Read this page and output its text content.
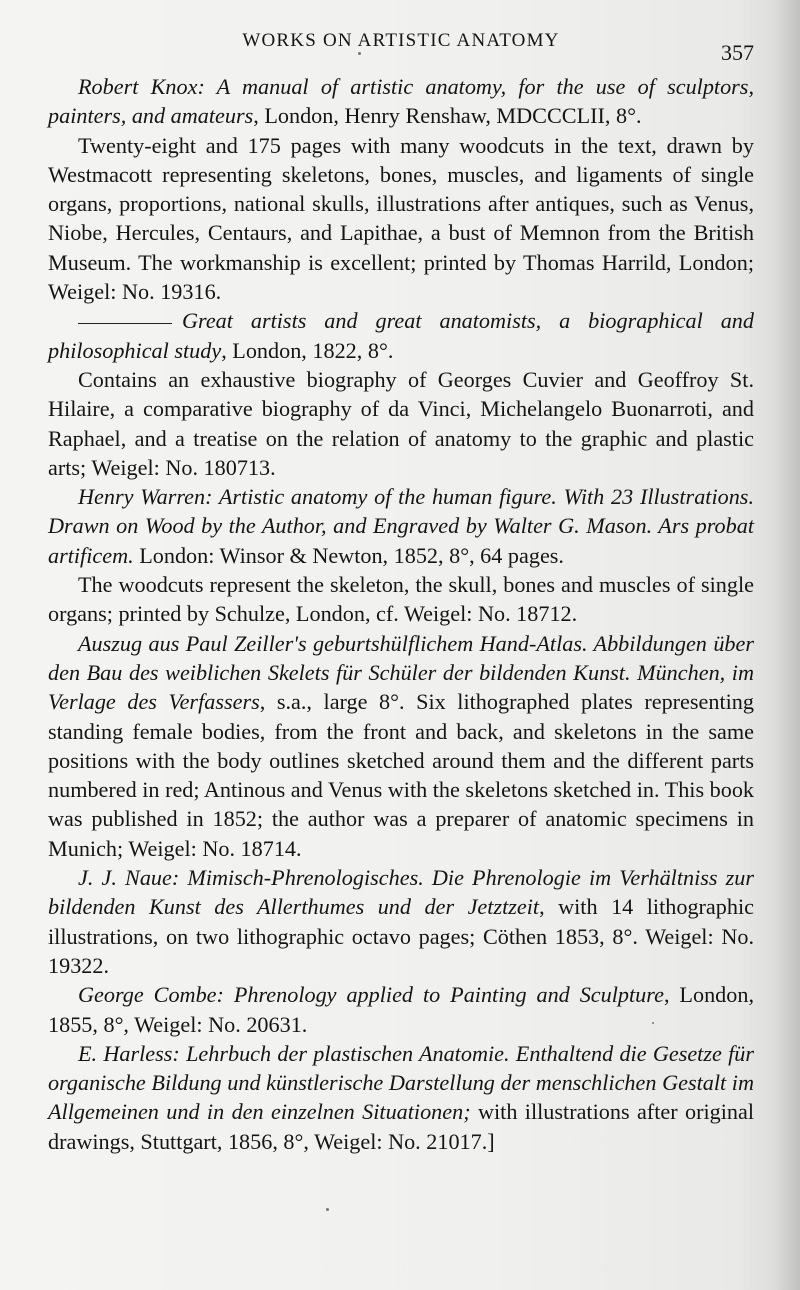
WORKS ON ARTISTIC ANATOMY	357

Robert Knox: A manual of artistic anatomy, for the use of sculptors, painters, and amateurs, London, Henry Renshaw, MDCCCLII, 8°.

Twenty-eight and 175 pages with many woodcuts in the text, drawn by Westmacott representing skeletons, bones, muscles, and ligaments of single organs, proportions, national skulls, illustrations after antiques, such as Venus, Niobe, Hercules, Centaurs, and Lapithae, a bust of Memnon from the British Museum. The workmanship is excellent; printed by Thomas Harrild, London; Weigel: No. 19316.

Great artists and great anatomists, a biographical and philosophical study, London, 1822, 8°.

Contains an exhaustive biography of Georges Cuvier and Geoffroy St. Hilaire, a comparative biography of da Vinci, Michelangelo Buonarroti, and Raphael, and a treatise on the relation of anatomy to the graphic and plastic arts; Weigel: No. 180713.

Henry Warren: Artistic anatomy of the human figure. With 23 Illustrations. Drawn on Wood by the Author, and Engraved by Walter G. Mason. Ars probat artificem. London: Winsor & Newton, 1852, 8°, 64 pages.

The woodcuts represent the skeleton, the skull, bones and muscles of single organs; printed by Schulze, London, cf. Weigel: No. 18712.

Auszug aus Paul Zeiller's geburtshülflichem Hand-Atlas. Abbildungen über den Bau des weiblichen Skelets für Schüler der bildenden Kunst. München, im Verlage des Verfassers, s.a., large 8°. Six lithographed plates representing standing female bodies, from the front and back, and skeletons in the same positions with the body outlines sketched around them and the different parts numbered in red; Antinous and Venus with the skeletons sketched in. This book was published in 1852; the author was a preparer of anatomic specimens in Munich; Weigel: No. 18714.

J. J. Naue: Mimisch-Phrenologisches. Die Phrenologie im Verhältniss zur bildenden Kunst des Allerthumes und der Jetztzeit, with 14 lithographic illustrations, on two lithographic octavo pages; Cöthen 1853, 8°. Weigel: No. 19322.

George Combe: Phrenology applied to Painting and Sculpture, London, 1855, 8°, Weigel: No. 20631.

E. Harless: Lehrbuch der plastischen Anatomie. Enthaltend die Gesetze für organische Bildung und künstlerische Darstellung der menschlichen Gestalt im Allgemeinen und in den einzelnen Situationen; with illustrations after original drawings, Stuttgart, 1856, 8°, Weigel: No. 21017.]
